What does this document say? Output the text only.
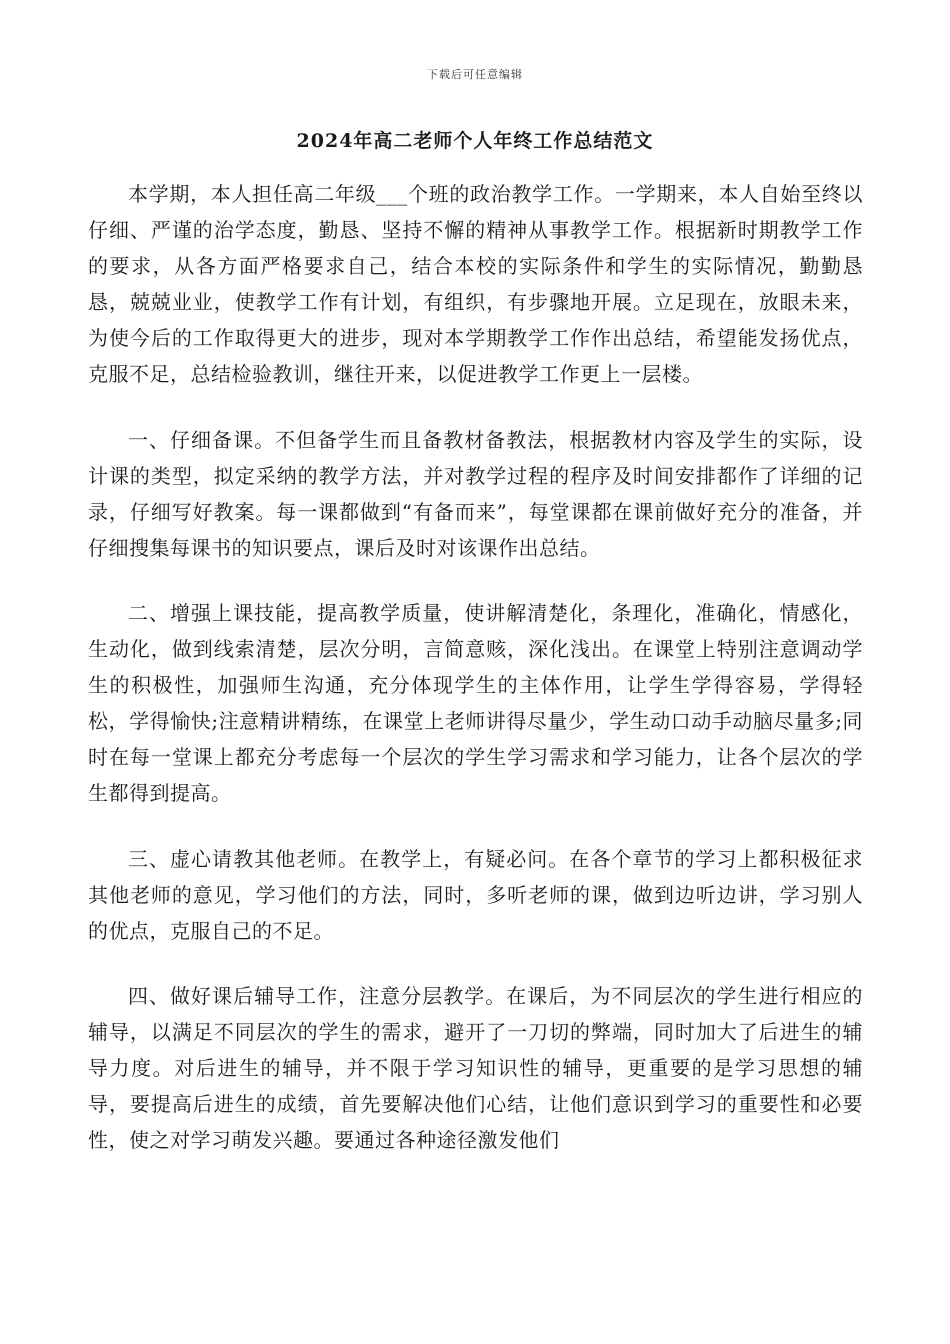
下载后可任意编辑
2024年高二老师个人年终工作总结范文

本学期，本人担任高二年级___个班的政治教学工作。一学期来，本人自始至终以仔细、严谨的治学态度，勤恳、坚持不懈的精神从事教学工作。根据新时期教学工作的要求，从各方面严格要求自己，结合本校的实际条件和学生的实际情况，勤勤恳恳，兢兢业业，使教学工作有计划，有组织，有步骤地开展。立足现在，放眼未来，为使今后的工作取得更大的进步，现对本学期教学工作作出总结，希望能发扬优点，克服不足，总结检验教训，继往开来，以促进教学工作更上一层楼。

一、仔细备课。不但备学生而且备教材备教法，根据教材内容及学生的实际，设计课的类型，拟定采纳的教学方法，并对教学过程的程序及时间安排都作了详细的记录，仔细写好教案。每一课都做到“有备而来”，每堂课都在课前做好充分的准备，并仔细搜集每课书的知识要点，课后及时对该课作出总结。

二、增强上课技能，提高教学质量，使讲解清楚化，条理化，准确化，情感化，生动化，做到线索清楚，层次分明，言简意赅，深化浅出。在课堂上特别注意调动学生的积极性，加强师生沟通，充分体现学生的主体作用，让学生学得容易，学得轻松，学得愉快;注意精讲精练，在课堂上老师讲得尽量少，学生动口动手动脑尽量多;同时在每一堂课上都充分考虑每一个层次的学生学习需求和学习能力，让各个层次的学生都得到提高。

三、虚心请教其他老师。在教学上，有疑必问。在各个章节的学习上都积极征求其他老师的意见，学习他们的方法，同时，多听老师的课，做到边听边讲，学习别人的优点，克服自己的不足。

四、做好课后辅导工作，注意分层教学。在课后，为不同层次的学生进行相应的辅导，以满足不同层次的学生的需求，避开了一刀切的弊端，同时加大了后进生的辅导力度。对后进生的辅导，并不限于学习知识性的辅导，更重要的是学习思想的辅导，要提高后进生的成绩，首先要解决他们心结，让他们意识到学习的重要性和必要性，使之对学习萌发兴趣。要通过各种途径激发他们
